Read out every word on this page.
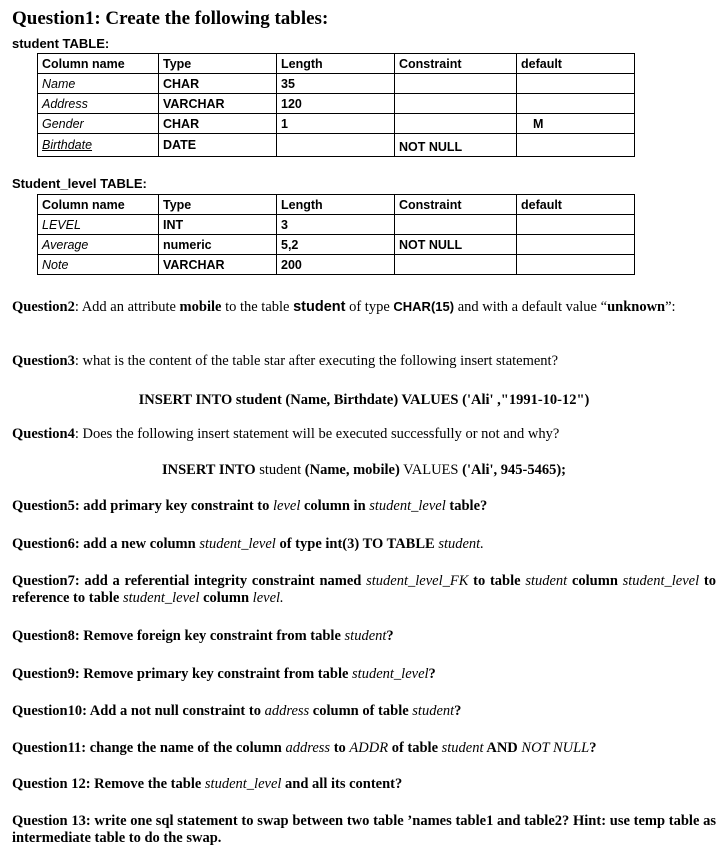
Question1: Create the following tables:
student TABLE:
Column name	Type	Length	Constraint	default
Name	CHAR	35		
Address	VARCHAR	120		
Gender	CHAR	1		M
Birthdate	DATE		NOT NULL	
Student_level TABLE:
Column name	Type	Length	Constraint	default
LEVEL	INT	3		
Average	numeric	5,2	NOT NULL	
Note	VARCHAR	200		
Question2: Add an attribute mobile to the table student of type CHAR(15) and with a default value “unknown”:
Question3: what is the content of the table star after executing the following insert statement?
INSERT INTO student (Name, Birthdate) VALUES ('Ali' ,"1991-10-12")
Question4: Does the following insert statement will be executed successfully or not and why?
INSERT INTO student (Name, mobile) VALUES ('Ali', 945-5465);
Question5: add primary key constraint to level column in student_level table?
Question6: add a new column student_level of type int(3) TO TABLE student.
Question7: add a referential integrity constraint named student_level_FK to table student column student_level to reference to table student_level column level.
Question8: Remove foreign key constraint from table student?
Question9: Remove primary key constraint from table student_level?
Question10: Add a not null constraint to address column of table student?
Question11: change the name of the column address to ADDR of table student AND NOT NULL?
Question 12: Remove the table student_level and all its content?
Question 13: write one sql statement to swap between two table ’names table1 and table2? Hint: use temp table as intermediate table to do the swap.
